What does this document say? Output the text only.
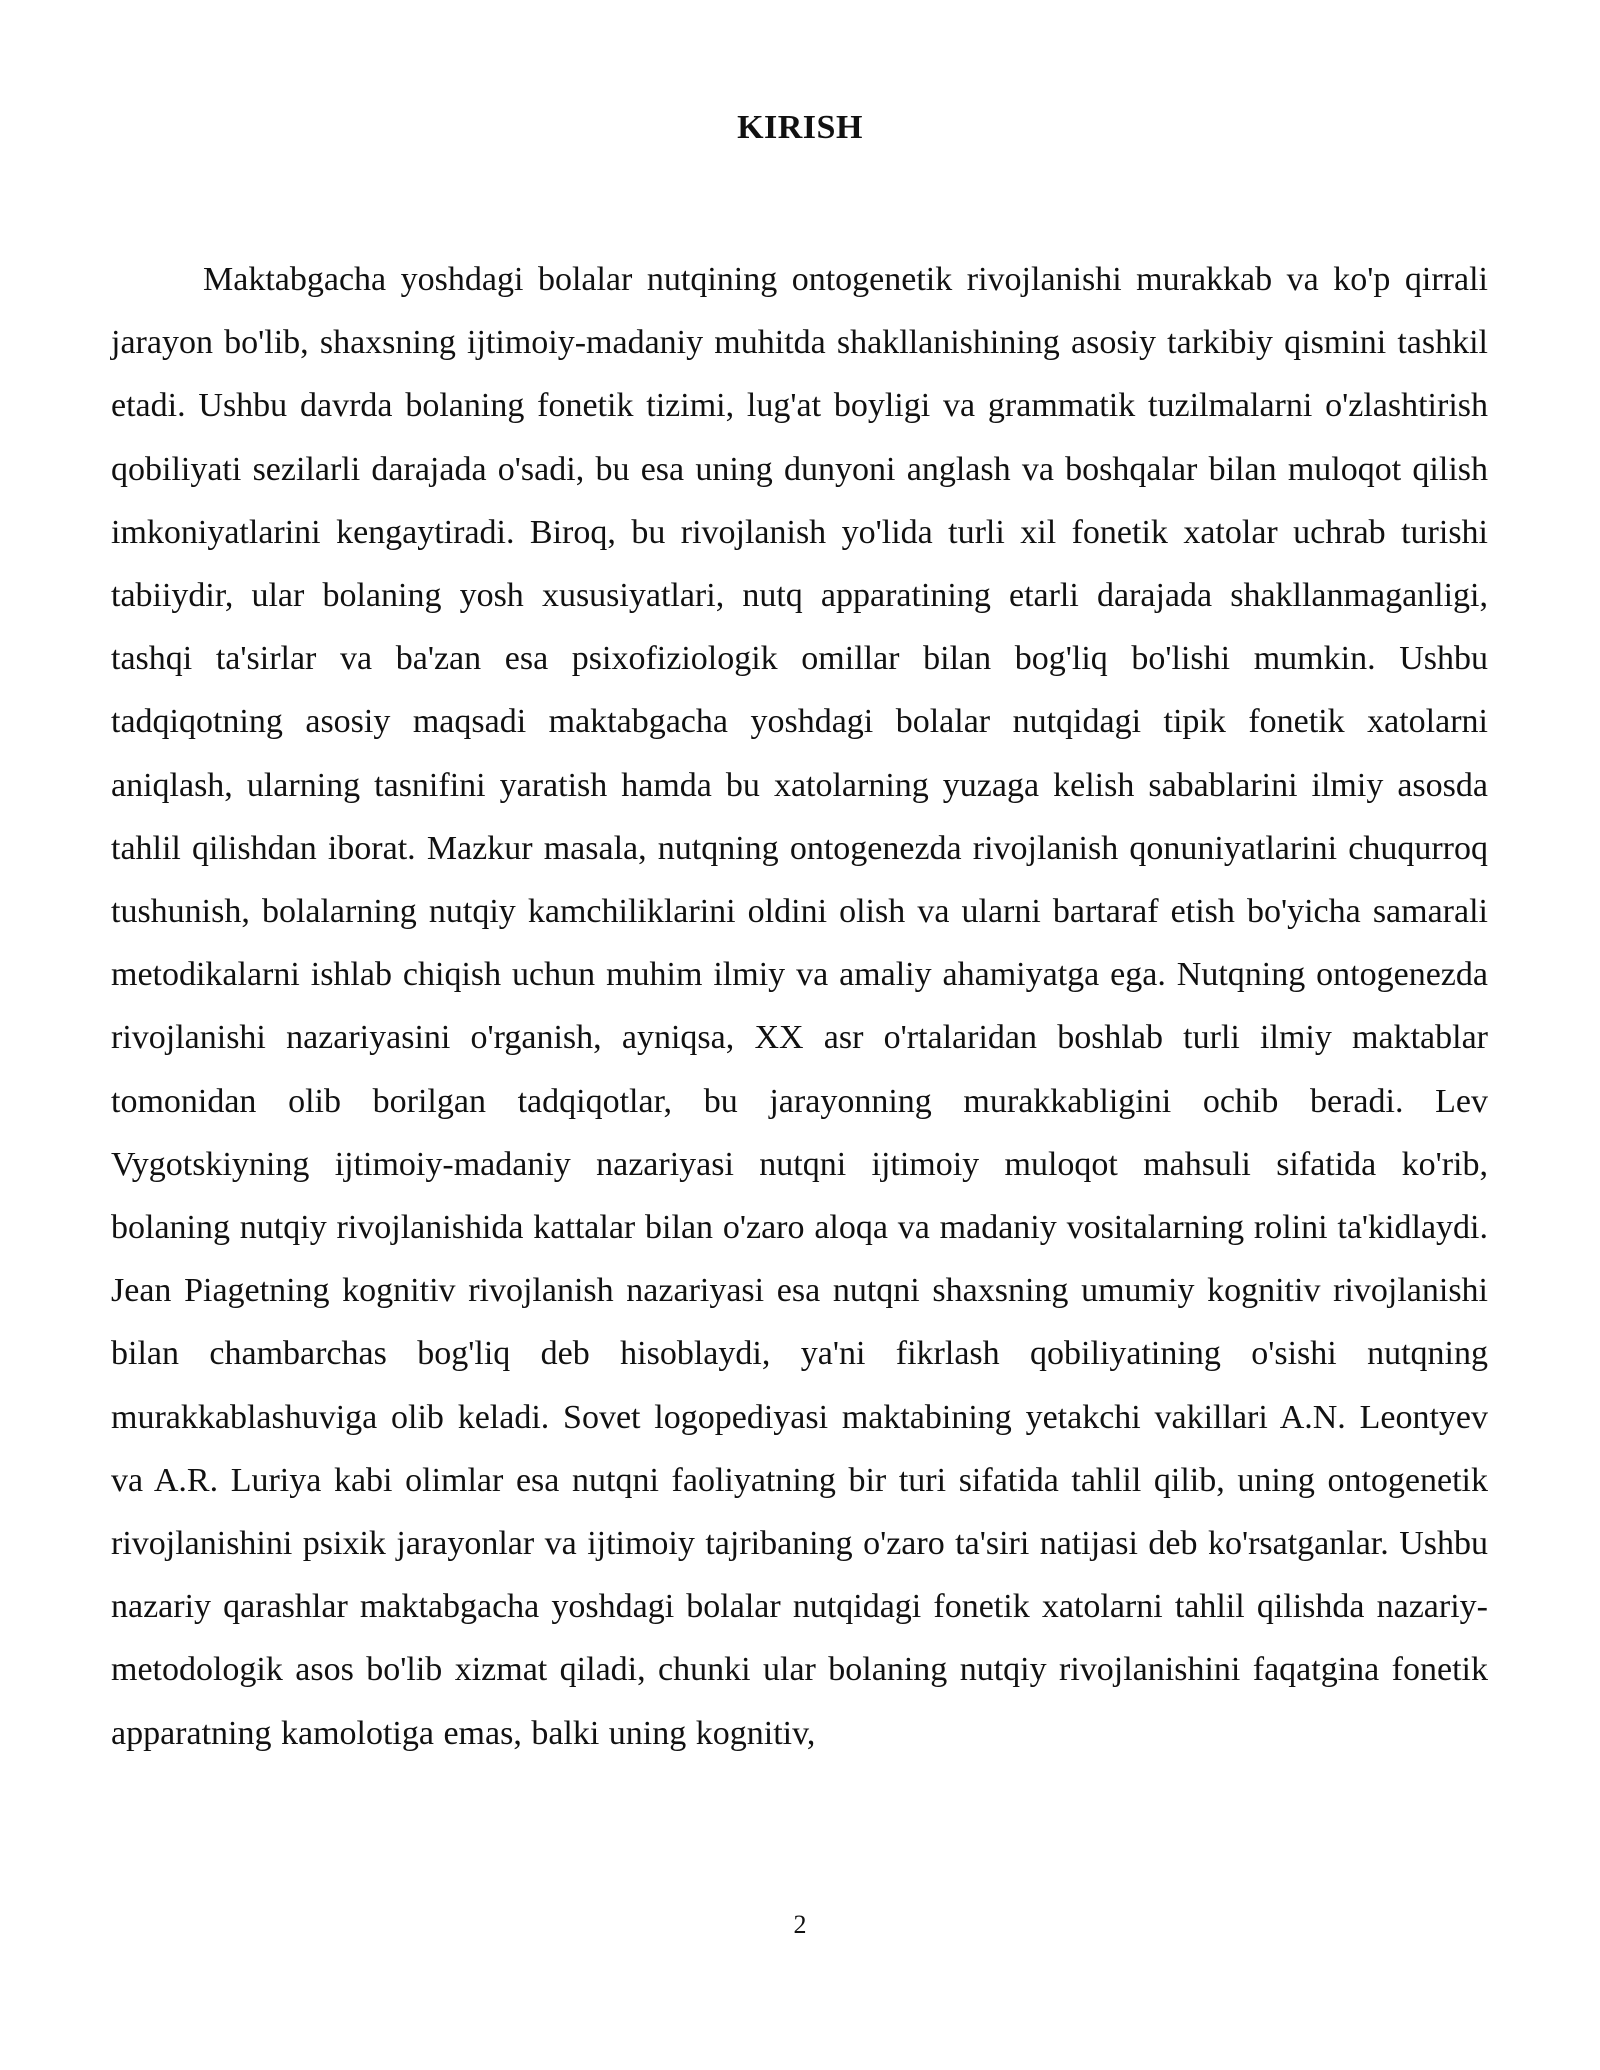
KIRISH

Maktabgacha yoshdagi bolalar nutqining ontogenetik rivojlanishi murakkab va ko'p qirrali jarayon bo'lib, shaxsning ijtimoiy-madaniy muhitda shakllanishining asosiy tarkibiy qismini tashkil etadi. Ushbu davrda bolaning fonetik tizimi, lug'at boyligi va grammatik tuzilmalarni o'zlashtirish qobiliyati sezilarli darajada o'sadi, bu esa uning dunyoni anglash va boshqalar bilan muloqot qilish imkoniyatlarini kengaytiradi. Biroq, bu rivojlanish yo'lida turli xil fonetik xatolar uchrab turishi tabiiydir, ular bolaning yosh xususiyatlari, nutq apparatining etarli darajada shakllanmaganligi, tashqi ta'sirlar va ba'zan esa psixofiziologik omillar bilan bog'liq bo'lishi mumkin. Ushbu tadqiqotning asosiy maqsadi maktabgacha yoshdagi bolalar nutqidagi tipik fonetik xatolarni aniqlash, ularning tasnifini yaratish hamda bu xatolarning yuzaga kelish sabablarini ilmiy asosda tahlil qilishdan iborat. Mazkur masala, nutqning ontogenezda rivojlanish qonuniyatlarini chuqurroq tushunish, bolalarning nutqiy kamchiliklarini oldini olish va ularni bartaraf etish bo'yicha samarali metodikalarni ishlab chiqish uchun muhim ilmiy va amaliy ahamiyatga ega. Nutqning ontogenezda rivojlanishi nazariyasini o'rganish, ayniqsa, XX asr o'rtalaridan boshlab turli ilmiy maktablar tomonidan olib borilgan tadqiqotlar, bu jarayonning murakkabligini ochib beradi. Lev Vygotskiyning ijtimoiy-madaniy nazariyasi nutqni ijtimoiy muloqot mahsuli sifatida ko'rib, bolaning nutqiy rivojlanishida kattalar bilan o'zaro aloqa va madaniy vositalarning rolini ta'kidlaydi. Jean Piagetning kognitiv rivojlanish nazariyasi esa nutqni shaxsning umumiy kognitiv rivojlanishi bilan chambarchas bog'liq deb hisoblaydi, ya'ni fikrlash qobiliyatining o'sishi nutqning murakkablashuviga olib keladi. Sovet logopediyasi maktabining yetakchi vakillari A.N. Leontyev va A.R. Luriya kabi olimlar esa nutqni faoliyatning bir turi sifatida tahlil qilib, uning ontogenetik rivojlanishini psixik jarayonlar va ijtimoiy tajribaning o'zaro ta'siri natijasi deb ko'rsatganlar. Ushbu nazariy qarashlar maktabgacha yoshdagi bolalar nutqidagi fonetik xatolarni tahlil qilishda nazariy-metodologik asos bo'lib xizmat qiladi, chunki ular bolaning nutqiy rivojlanishini faqatgina fonetik apparatning kamolotiga emas, balki uning kognitiv,

2
